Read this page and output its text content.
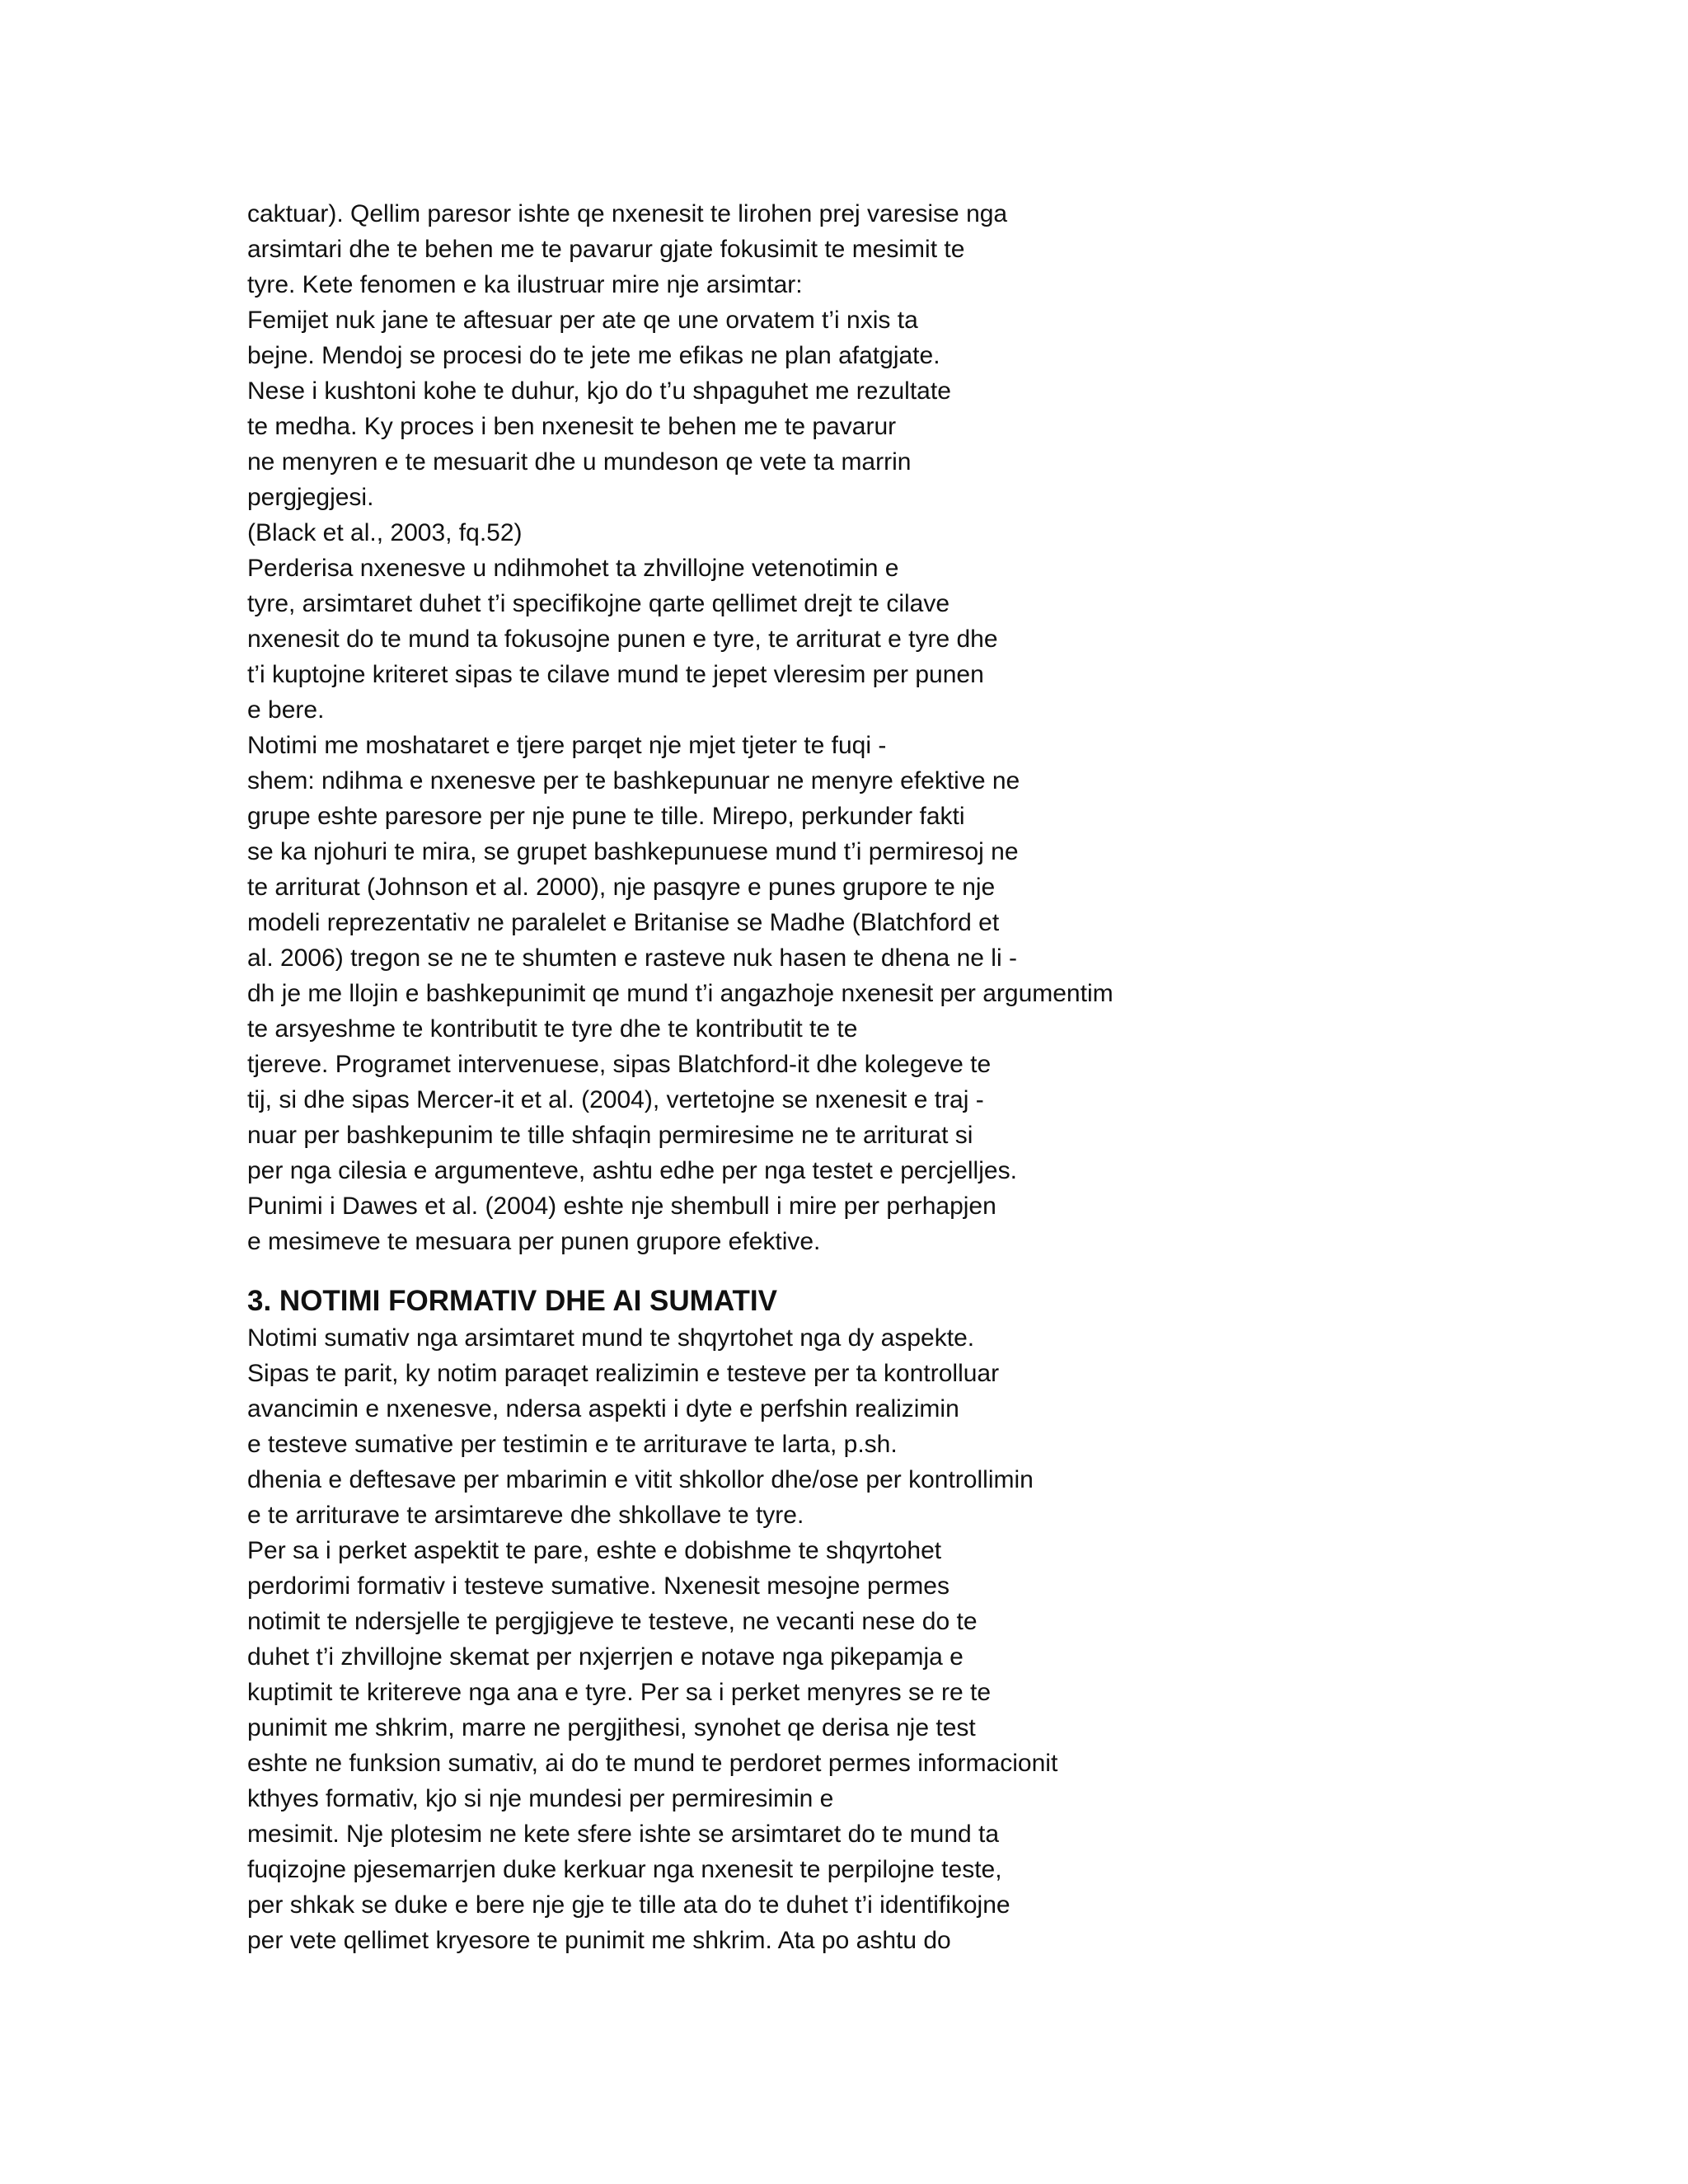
caktuar). Qellim paresor ishte qe nxenesit te lirohen prej varesise nga
arsimtari dhe te behen me te pavarur gjate fokusimit te mesimit te
tyre. Kete fenomen e ka ilustruar mire nje arsimtar:
Femijet nuk jane te aftesuar per ate qe une orvatem t’i nxis ta
bejne. Mendoj se procesi do te jete me efikas ne plan afatgjate.
Nese i kushtoni kohe te duhur, kjo do t’u shpaguhet me rezultate
te medha. Ky proces i ben nxenesit te behen me te pavarur
ne menyren e te mesuarit dhe u mundeson qe vete ta marrin
pergjegjesi.
(Black et al., 2003, fq.52)
Perderisa nxenesve u ndihmohet ta zhvillojne vetenotimin e
tyre, arsimtaret duhet t’i specifikojne qarte qellimet drejt te cilave
nxenesit do te mund ta fokusojne punen e tyre, te arriturat e tyre dhe
t’i kuptojne kriteret sipas te cilave mund te jepet vleresim per punen
e bere.
Notimi me moshataret e tjere parqet nje mjet tjeter te fuqi -
shem: ndihma e nxenesve per te bashkepunuar ne menyre efektive ne
grupe eshte paresore per nje pune te tille. Mirepo, perkunder fakti
se ka njohuri te mira, se grupet bashkepunuese mund t’i permiresoj ne
te arriturat (Johnson et al. 2000), nje pasqyre e punes grupore te nje
modeli reprezentativ ne paralelet e Britanise se Madhe (Blatchford et
al. 2006) tregon se ne te shumten e rasteve nuk hasen te dhena ne li -
dh je me llojin e bashkepunimit qe mund t’i angazhoje nxenesit per argumentim
te arsyeshme te kontributit te tyre dhe te kontributit te te
tjereve. Programet intervenuese, sipas Blatchford-it dhe kolegeve te
tij, si dhe sipas Mercer-it et al. (2004), vertetojne se nxenesit e traj -
nuar per bashkepunim te tille shfaqin permiresime ne te arriturat si
per nga cilesia e argumenteve, ashtu edhe per nga testet e percjelljes.
Punimi i Dawes et al. (2004) eshte nje shembull i mire per perhapjen
e mesimeve te mesuara per punen grupore efektive.
3. NOTIMI FORMATIV DHE AI SUMATIV
Notimi sumativ nga arsimtaret mund te shqyrtohet nga dy aspekte.
Sipas te parit, ky notim paraqet realizimin e testeve per ta kontrolluar
avancimin e nxenesve, ndersa aspekti i dyte e perfshin realizimin
e testeve sumative per testimin e te arriturave te larta, p.sh.
dhenia e deftesave per mbarimin e vitit shkollor dhe/ose per kontrollimin
e te arriturave te arsimtareve dhe shkollave te tyre.
Per sa i perket aspektit te pare, eshte e dobishme te shqyrtohet
perdorimi formativ i testeve sumative. Nxenesit mesojne permes
notimit te ndersjelle te pergjigjeve te testeve, ne vecanti nese do te
duhet t’i zhvillojne skemat per nxjerrjen e notave nga pikepamja e
kuptimit te kritereve nga ana e tyre. Per sa i perket menyres se re te
punimit me shkrim, marre ne pergjithesi, synohet qe derisa nje test
eshte ne funksion sumativ, ai do te mund te perdoret permes informacionit
kthyes formativ, kjo si nje mundesi per permiresimin e
mesimit. Nje plotesim ne kete sfere ishte se arsimtaret do te mund ta
fuqizojne pjesemarrjen duke kerkuar nga nxenesit te perpilojne teste,
per shkak se duke e bere nje gje te tille ata do te duhet t’i identifikojne
per vete qellimet kryesore te punimit me shkrim. Ata po ashtu do
